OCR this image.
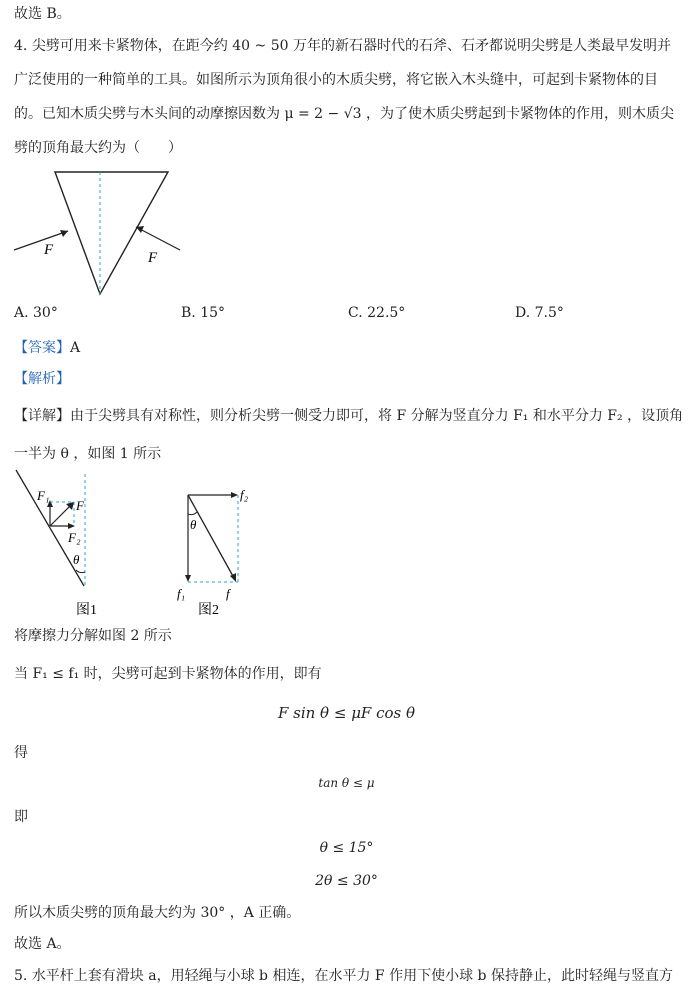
故选 B。
4. 尖劈可用来卡紧物体，在距今约 40 ~ 50 万年的新石器时代的石斧、石矛都说明尖劈是人类最早发明并
广泛使用的一种简单的工具。如图所示为顶角很小的木质尖劈，将它嵌入木头缝中，可起到卡紧物体的目
的。已知木质尖劈与木头间的动摩擦因数为 μ = 2 − √3 ，为了使木质尖劈起到卡紧物体的作用，则木质尖
劈的顶角最大约为（　　）
F	F
A. 30°	B. 15°	C. 22.5°	D. 7.5°
【答案】A
【解析】
【详解】由于尖劈具有对称性，则分析尖劈一侧受力即可，将 F 分解为竖直分力 F₁ 和水平分力 F₂ ，设顶角
一半为 θ ，如图 1 所示
F₁
F
F₂
θ
图1
f₂
θ
f₁	f
图2
将摩擦力分解如图 2 所示
当 F₁ ≤ f₁ 时，尖劈可起到卡紧物体的作用，即有
F sin θ ≤ μF cos θ
得
tan θ ≤ μ
即
θ ≤ 15°
2θ ≤ 30°
所以木质尖劈的顶角最大约为 30° ，A 正确。
故选 A。
5. 水平杆上套有滑块 a，用轻绳与小球 b 相连，在水平力 F 作用下使小球 b 保持静止，此时轻绳与竖直方
